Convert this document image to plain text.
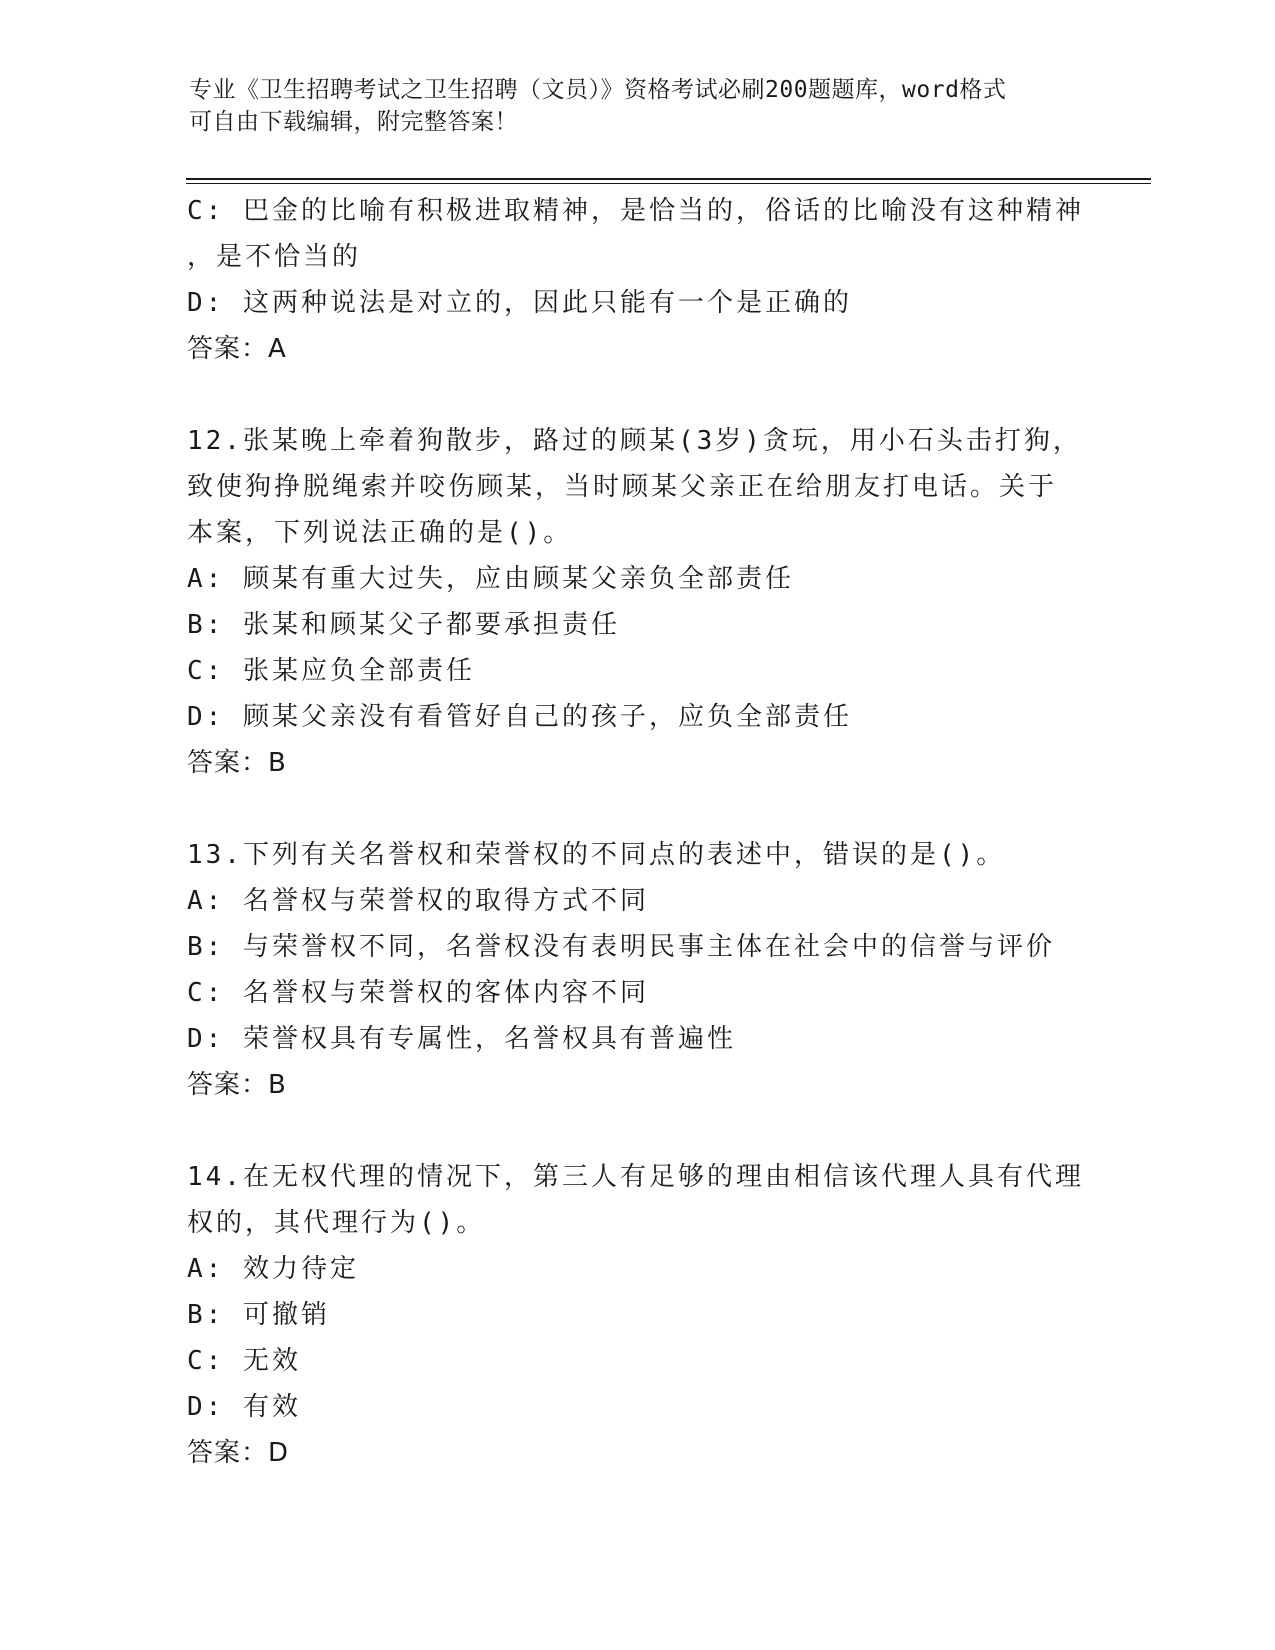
专业《卫生招聘考试之卫生招聘（文员）》资格考试必刷200题题库，word格式
可自由下载编辑，附完整答案！
C: 巴金的比喻有积极进取精神，是恰当的，俗话的比喻没有这种精神
，是不恰当的
D: 这两种说法是对立的，因此只能有一个是正确的
答案：A
12.张某晚上牵着狗散步，路过的顾某(3岁)贪玩，用小石头击打狗，
致使狗挣脱绳索并咬伤顾某，当时顾某父亲正在给朋友打电话。关于
本案，下列说法正确的是()。
A: 顾某有重大过失，应由顾某父亲负全部责任
B: 张某和顾某父子都要承担责任
C: 张某应负全部责任
D: 顾某父亲没有看管好自己的孩子，应负全部责任
答案：B
13.下列有关名誉权和荣誉权的不同点的表述中，错误的是()。
A: 名誉权与荣誉权的取得方式不同
B: 与荣誉权不同，名誉权没有表明民事主体在社会中的信誉与评价
C: 名誉权与荣誉权的客体内容不同
D: 荣誉权具有专属性，名誉权具有普遍性
答案：B
14.在无权代理的情况下，第三人有足够的理由相信该代理人具有代理
权的，其代理行为()。
A: 效力待定
B: 可撤销
C: 无效
D: 有效
答案：D
